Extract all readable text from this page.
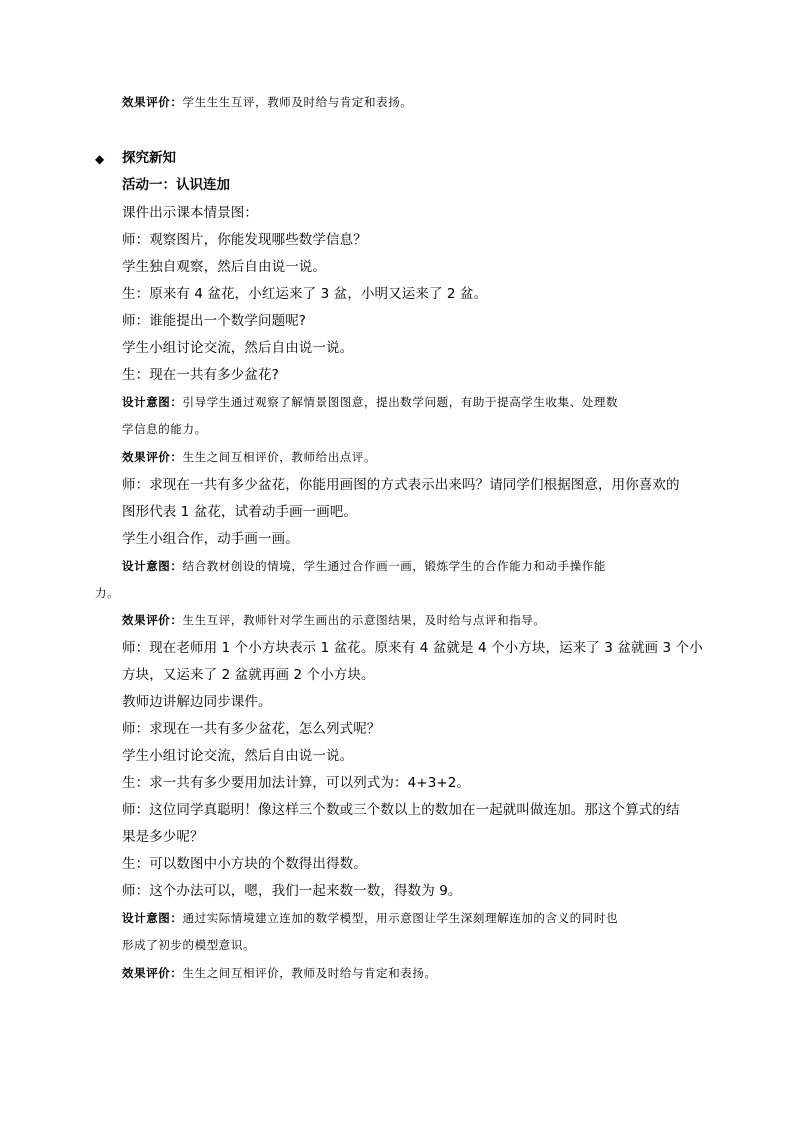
效果评价：学生生生互评，教师及时给与肯定和表扬。
◆ 探究新知
活动一：认识连加
课件出示课本情景图：
师：观察图片，你能发现哪些数学信息？
学生独自观察，然后自由说一说。
生：原来有 4 盆花，小红运来了 3 盆，小明又运来了 2 盆。
师：谁能提出一个数学问题呢?
学生小组讨论交流，然后自由说一说。
生：现在一共有多少盆花?
设计意图：引导学生通过观察了解情景图图意，提出数学问题，有助于提高学生收集、处理数
学信息的能力。
效果评价：生生之间互相评价，教师给出点评。
师：求现在一共有多少盆花，你能用画图的方式表示出来吗？请同学们根据图意，用你喜欢的
图形代表 1 盆花，试着动手画一画吧。
学生小组合作，动手画一画。
设计意图：结合教材创设的情境，学生通过合作画一画，锻炼学生的合作能力和动手操作能
力。
效果评价：生生互评，教师针对学生画出的示意图结果，及时给与点评和指导。
师：现在老师用 1 个小方块表示 1 盆花。原来有 4 盆就是 4 个小方块，运来了 3 盆就画 3 个小
方块，又运来了 2 盆就再画 2 个小方块。
教师边讲解边同步课件。
师：求现在一共有多少盆花，怎么列式呢？
学生小组讨论交流，然后自由说一说。
生：求一共有多少要用加法计算，可以列式为：4+3+2。
师：这位同学真聪明！像这样三个数或三个数以上的数加在一起就叫做连加。那这个算式的结
果是多少呢？
生：可以数图中小方块的个数得出得数。
师：这个办法可以，嗯，我们一起来数一数，得数为 9。
设计意图：通过实际情境建立连加的数学模型，用示意图让学生深刻理解连加的含义的同时也
形成了初步的模型意识。
效果评价：生生之间互相评价，教师及时给与肯定和表扬。
